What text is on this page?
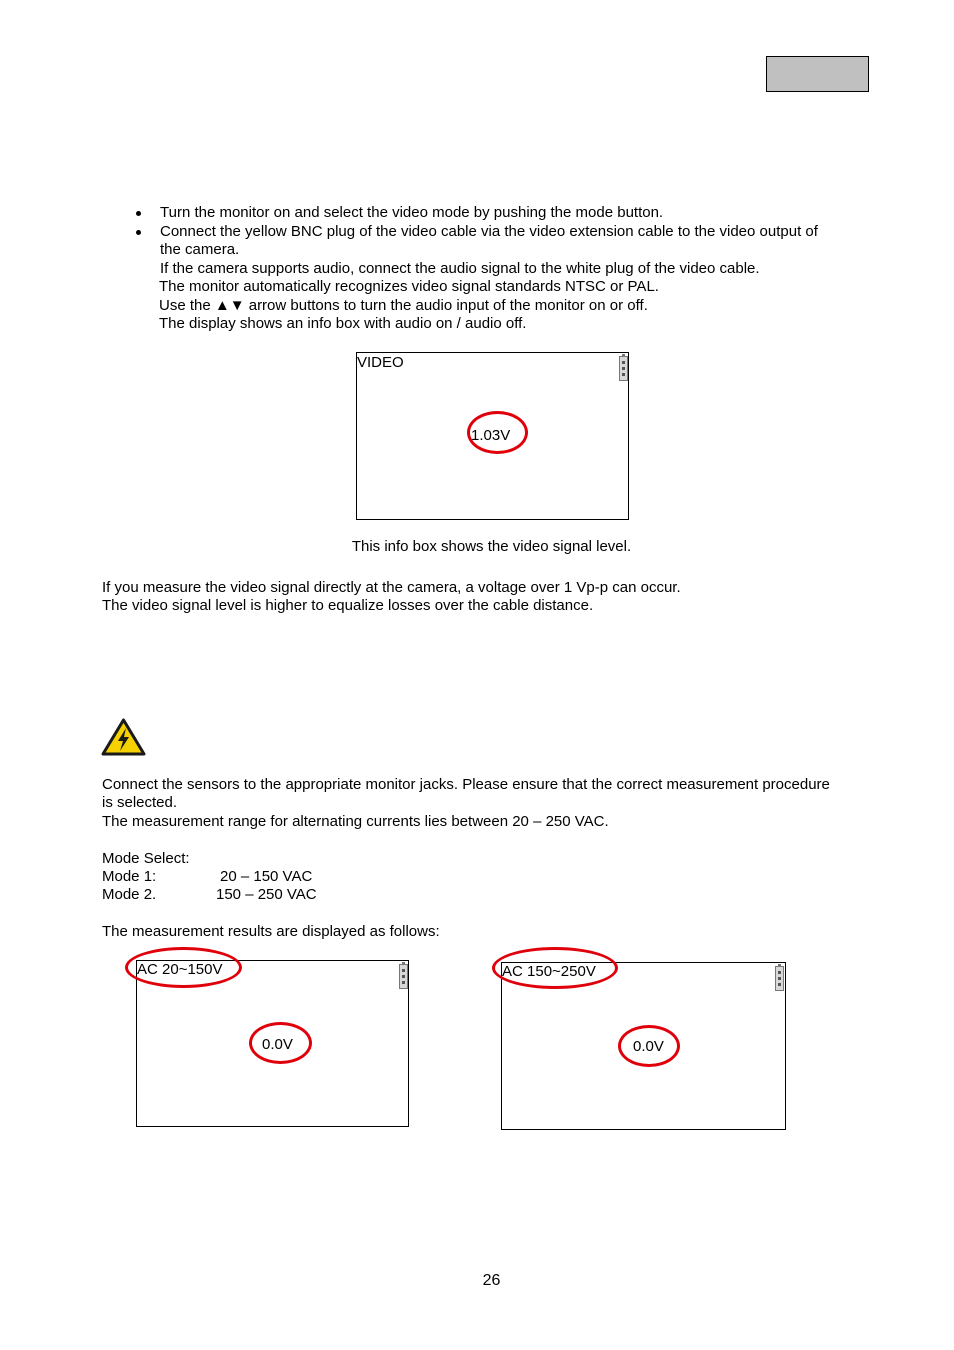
Turn the monitor on and select the video mode by pushing the mode button.
Connect the yellow BNC plug of the video cable via the video extension cable to the video output of
the camera.
If the camera supports audio, connect the audio signal to the white plug of the video cable.
The monitor automatically recognizes video signal standards NTSC or PAL.
Use the ▲▼ arrow buttons to turn the audio input of the monitor on or off.
The display shows an info box with audio on / audio off.
VIDEO
1.03V
This info box shows the video signal level.
If you measure the video signal directly at the camera, a voltage over 1 Vp-p can occur.
The video signal level is higher to equalize losses over the cable distance.
Connect the sensors to the appropriate monitor jacks. Please ensure that the correct measurement procedure
is selected.
The measurement range for alternating currents lies between 20 – 250 VAC.
Mode Select:
Mode 1:	20 – 150 VAC
Mode 2.	150 – 250 VAC
The measurement results are displayed as follows:
AC 20~150V
0.0V
AC 150~250V
0.0V
26
